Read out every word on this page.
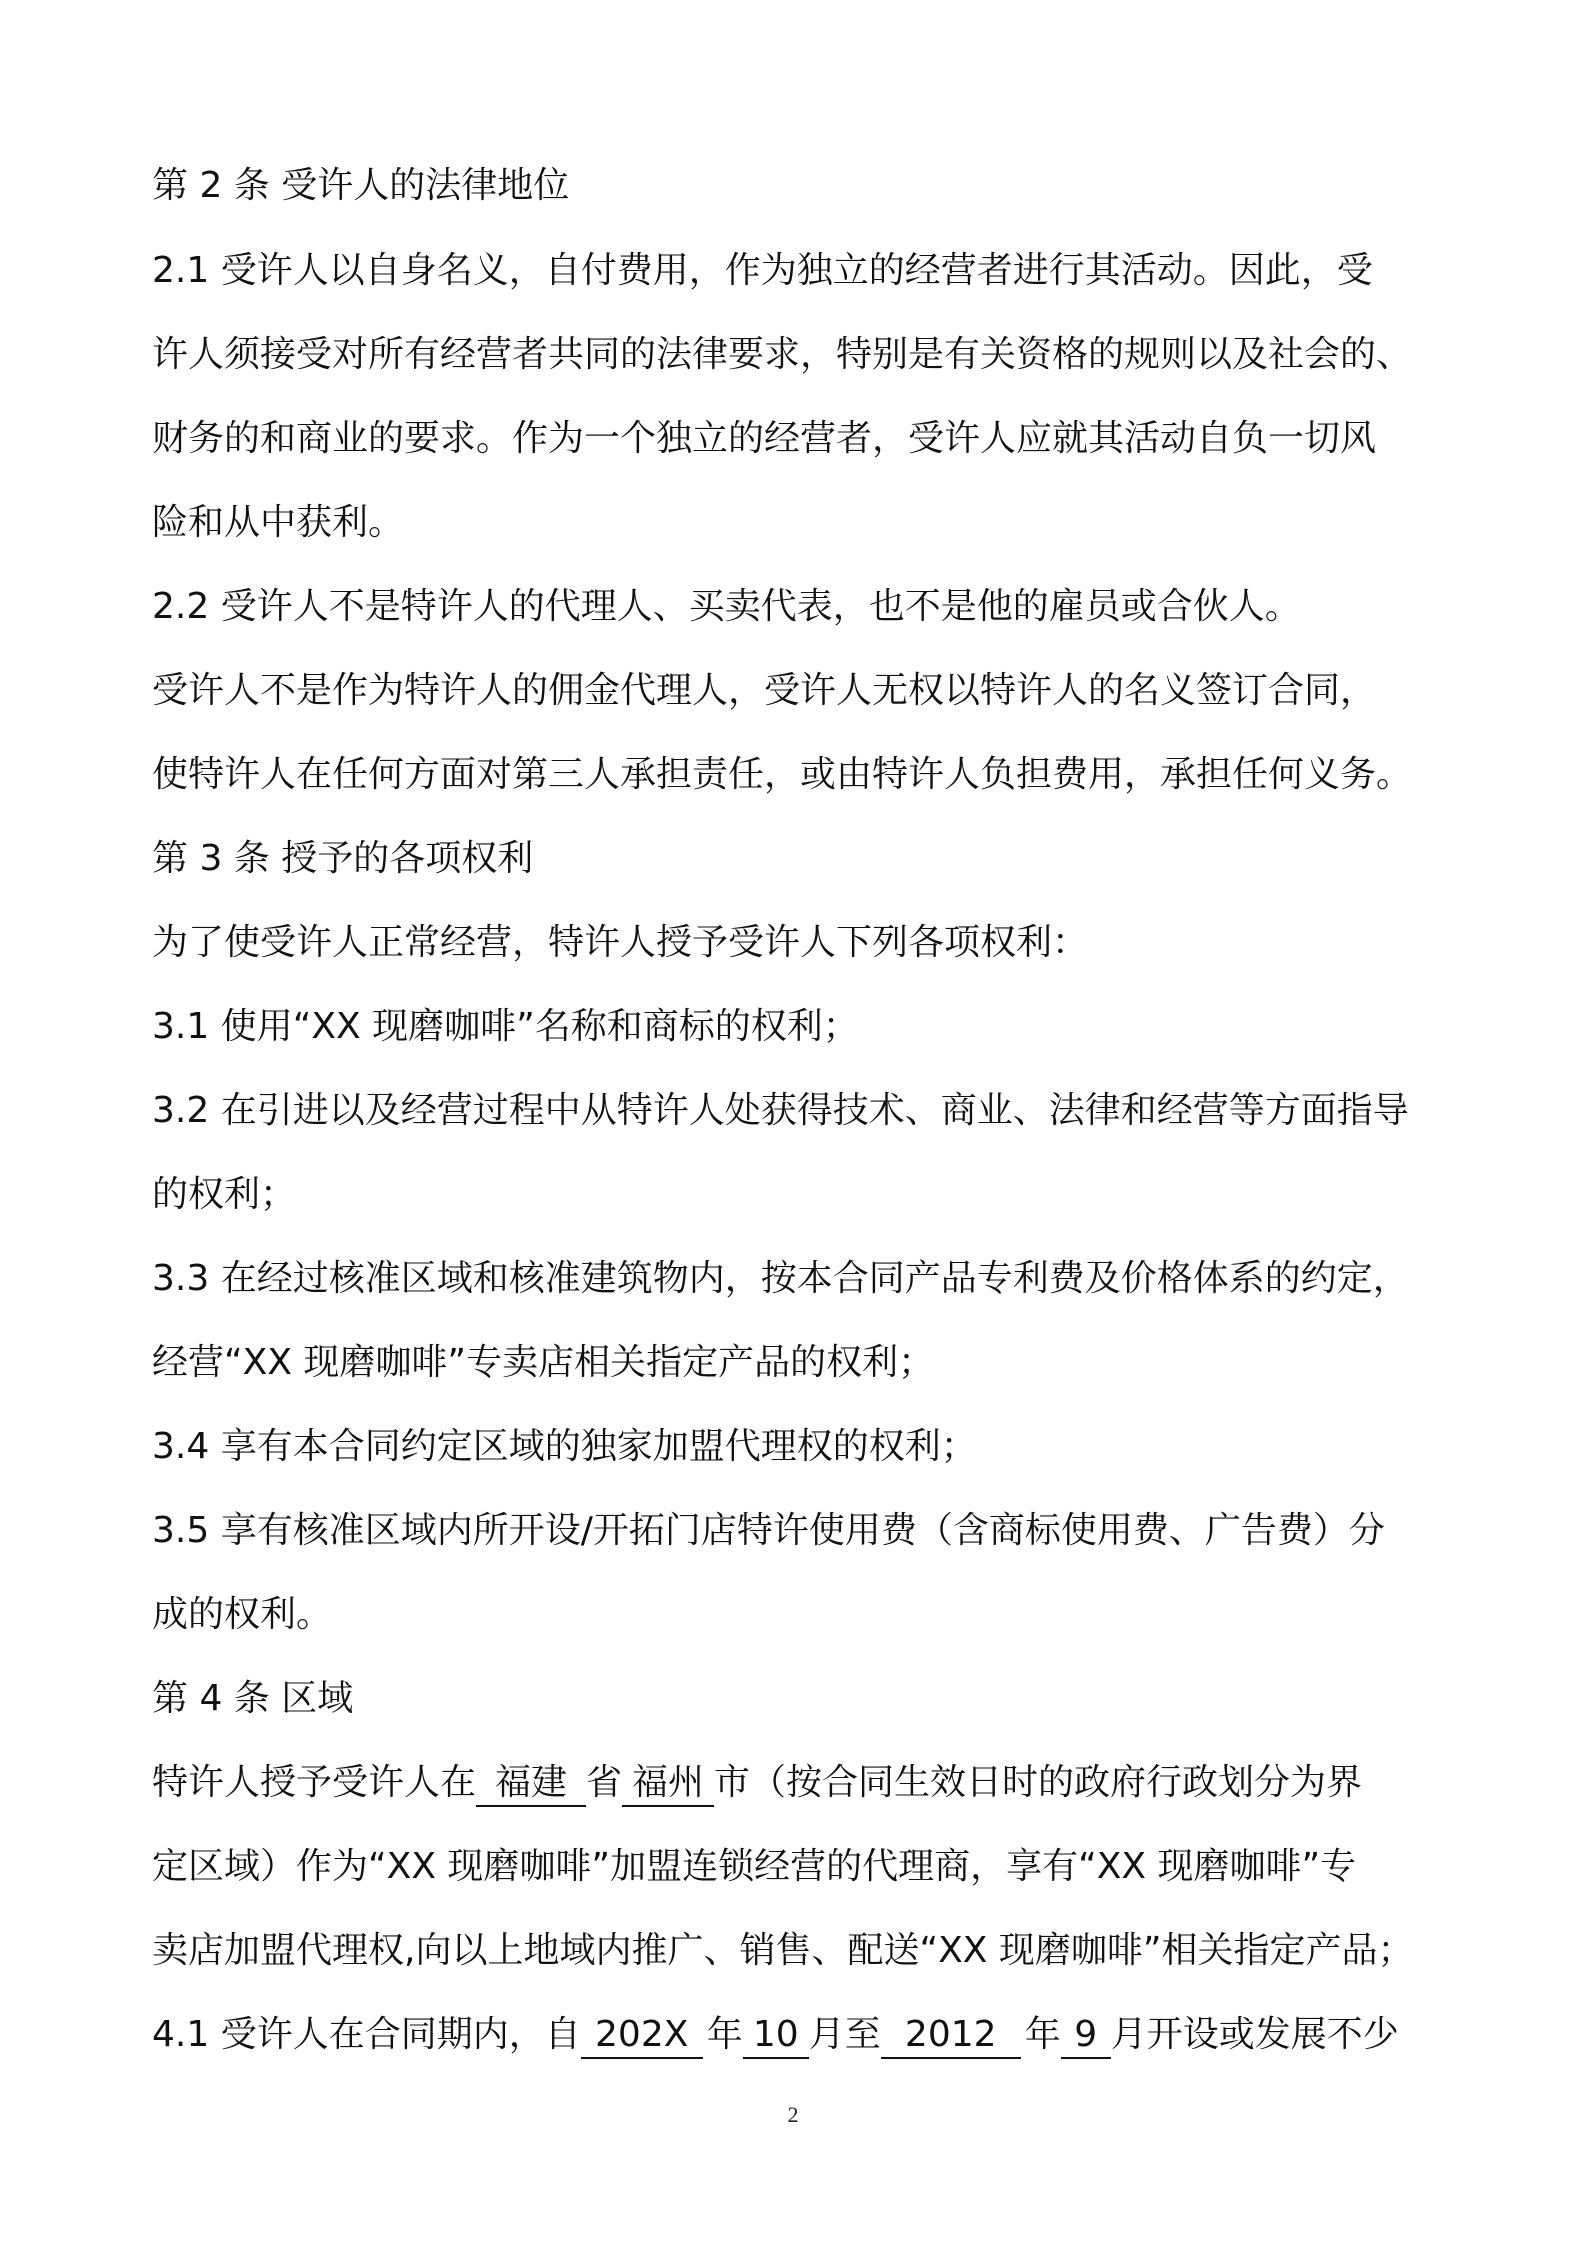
第 2 条 受许人的法律地位
2.1 受许人以自身名义，自付费用，作为独立的经营者进行其活动。因此，受
许人须接受对所有经营者共同的法律要求，特别是有关资格的规则以及社会的、
财务的和商业的要求。作为一个独立的经营者，受许人应就其活动自负一切风
险和从中获利。
2.2 受许人不是特许人的代理人、买卖代表，也不是他的雇员或合伙人。
受许人不是作为特许人的佣金代理人，受许人无权以特许人的名义签订合同，
使特许人在任何方面对第三人承担责任，或由特许人负担费用，承担任何义务。
第 3 条 授予的各项权利
为了使受许人正常经营，特许人授予受许人下列各项权利：
3.1 使用“XX 现磨咖啡”名称和商标的权利；
3.2 在引进以及经营过程中从特许人处获得技术、商业、法律和经营等方面指导
的权利；
3.3 在经过核准区域和核准建筑物内，按本合同产品专利费及价格体系的约定，
经营“XX 现磨咖啡”专卖店相关指定产品的权利；
3.4 享有本合同约定区域的独家加盟代理权的权利；
3.5 享有核准区域内所开设/开拓门店特许使用费（含商标使用费、广告费）分
成的权利。
第 4 条 区域
特许人授予受许人在 福建 省 福州 市（按合同生效日时的政府行政划分为界
定区域）作为“XX 现磨咖啡”加盟连锁经营的代理商，享有“XX 现磨咖啡”专
卖店加盟代理权,向以上地域内推广、销售、配送“XX 现磨咖啡”相关指定产品；
4.1 受许人在合同期内，自 202X 年 10 月至 2012 年 9 月开设或发展不少
2
